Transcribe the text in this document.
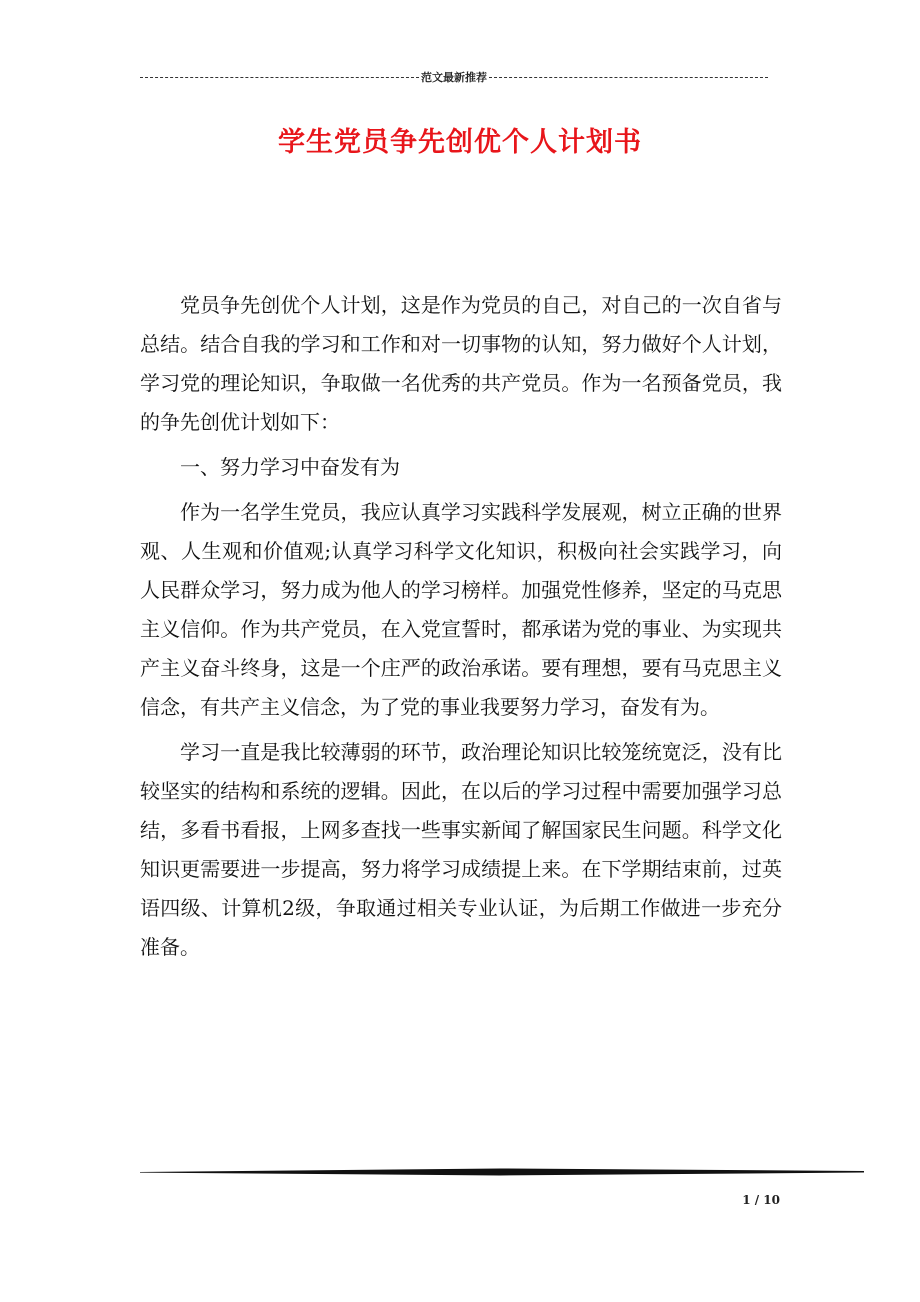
范文最新推荐
学生党员争先创优个人计划书

党员争先创优个人计划，这是作为党员的自己，对自己的一次自省与总结。结合自我的学习和工作和对一切事物的认知，努力做好个人计划，学习党的理论知识，争取做一名优秀的共产党员。作为一名预备党员，我的争先创优计划如下：

一、努力学习中奋发有为

作为一名学生党员，我应认真学习实践科学发展观，树立正确的世界观、人生观和价值观;认真学习科学文化知识，积极向社会实践学习，向人民群众学习，努力成为他人的学习榜样。加强党性修养，坚定的马克思主义信仰。作为共产党员，在入党宣誓时，都承诺为党的事业、为实现共产主义奋斗终身，这是一个庄严的政治承诺。要有理想，要有马克思主义信念，有共产主义信念，为了党的事业我要努力学习，奋发有为。

学习一直是我比较薄弱的环节，政治理论知识比较笼统宽泛，没有比较坚实的结构和系统的逻辑。因此，在以后的学习过程中需要加强学习总结，多看书看报，上网多查找一些事实新闻了解国家民生问题。科学文化知识更需要进一步提高，努力将学习成绩提上来。在下学期结束前，过英语四级、计算机2级，争取通过相关专业认证，为后期工作做进一步充分准备。

1 / 10
